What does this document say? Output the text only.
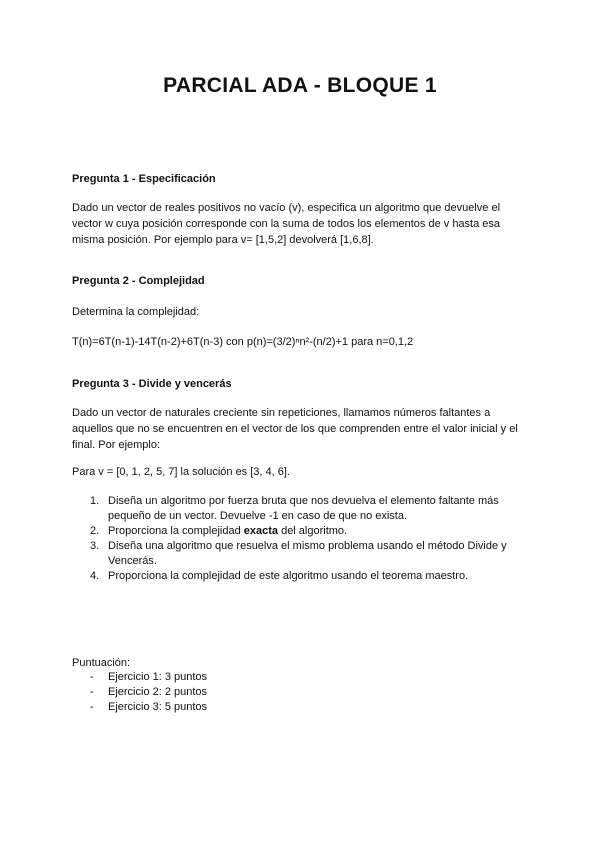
PARCIAL ADA - BLOQUE 1

Pregunta 1 - Especificación

Dado un vector de reales positivos no vacío (v), especifica un algoritmo que devuelve el vector w cuya posición corresponde con la suma de todos los elementos de v hasta esa misma posición. Por ejemplo para v= [1,5,2] devolverá [1,6,8].

Pregunta 2 - Complejidad

Determina la complejidad:

T(n)=6T(n-1)-14T(n-2)+6T(n-3) con p(n)=(3/2)ⁿn²-(n/2)+1 para n=0,1,2

Pregunta 3 - Divide y vencerás

Dado un vector de naturales creciente sin repeticiones, llamamos números faltantes a aquellos que no se encuentren en el vector de los que comprenden entre el valor inicial y el final. Por ejemplo:

Para v = [0, 1, 2, 5, 7] la solución es [3, 4, 6].

1. Diseña un algoritmo por fuerza bruta que nos devuelva el elemento faltante más pequeño de un vector. Devuelve -1 en caso de que no exista.
2. Proporciona la complejidad exacta del algoritmo.
3. Diseña una algoritmo que resuelva el mismo problema usando el método Divide y Vencerás.
4. Proporciona la complejidad de este algoritmo usando el teorema maestro.

Puntuación:

- Ejercicio 1: 3 puntos
- Ejercicio 2: 2 puntos
- Ejercicio 3: 5 puntos
